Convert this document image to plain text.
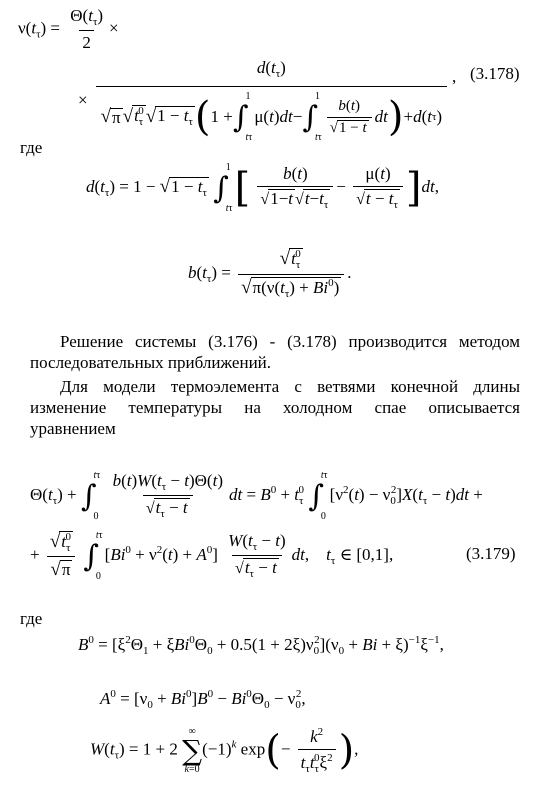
$\nu(t_\tau) = \frac{\Theta(t_\tau)}{2}$ ×
×
$d(t_\tau)$
√ π √ $t_\tau^0$ √ $1 - t_\tau$ ( 1 + ∫
1
tτ
μ( t ) dt − ∫
1
tτ
$\frac{b(t)}{√1 - t}$ dt ) + d ( t τ )
, (3.178)
где
$d(t_\tau) = 1 - √1 - t_\tau$ ∫
1
tτ [ $\frac{b(t)}{√1-t √t-t_\tau} - \frac{\mu(t)}{√t - t_\tau} ]dt$,
$b(t_\tau) = \frac{√t_\tau^0}{√\pi(\nu(t_\tau) + Bi^0)}$ .
Решение системы (3.176) - (3.178) производится методом последовательных приближений.
Для модели термоэлемента с ветвями конечной длины изменение температуры на холодном спае описывается уравнением
$\Theta(t_\tau)$ + ∫
tτ
0
$\frac{b(t)W(t_\tau - t)\Theta(t)}{√t_\tau - t}$ dt = $B^0 + t_\tau^0$ ∫
tτ
0
$[\nu^2(t) - \nu_0^2]X(t_\tau - t)dt$ +
+ $\frac{√t_\tau^0}{√\pi}$ ∫
tτ
0
$[Bi^0 + \nu^2(t) + A^0] \frac{W(t_\tau - t)}{√t_\tau - t}$ dt,    $t_\tau$ ∈ [0,1],	(3.179)
где
$B^0 = [\xi^2\Theta_1 + \xi Bi^0\Theta_0 + 0.5(1 + 2\xi)\nu_0^2](\nu_0 + Bi + \xi)^{-1}\xi^{-1}$,
$A^0 = [\nu_0 + Bi^0]B^0 - Bi^0\Theta_0 - \nu_0^2$,
$W(t_\tau) = 1 + 2$
∞
∑
k=0
$(-1)^k$ $\exp(- \frac{k^2}{t_\tau t_\tau^0\xi^2}$ ),
